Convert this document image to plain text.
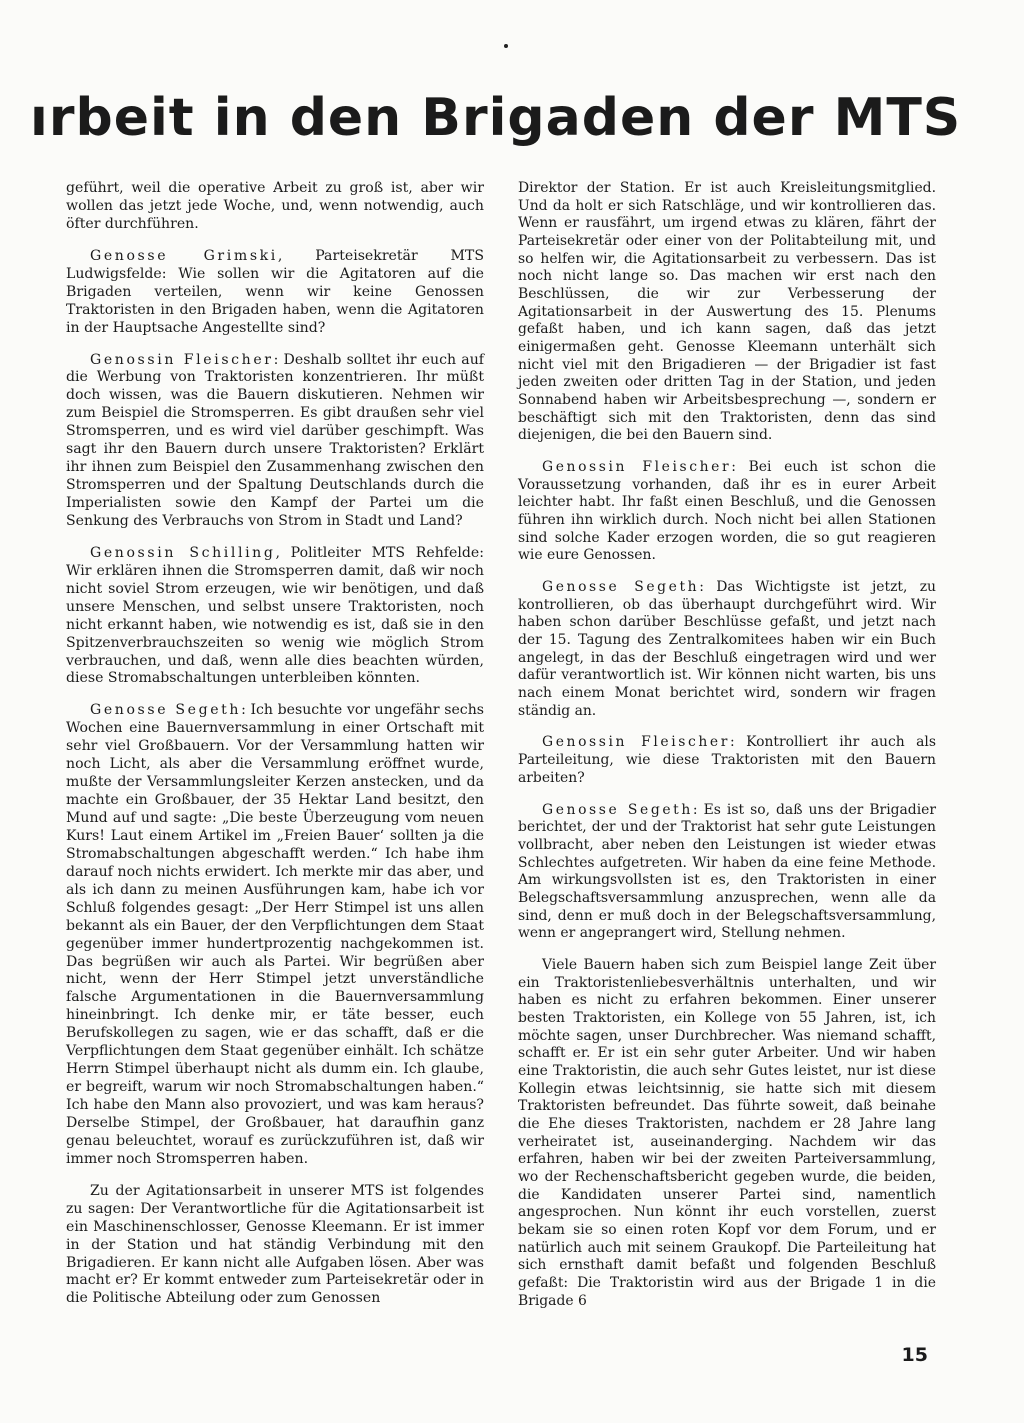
ırbeit in den Brigaden der MTS

geführt, weil die operative Arbeit zu groß ist, aber wir wollen das jetzt jede Woche, und, wenn notwendig, auch öfter durchführen.

Genosse Grimski, Parteisekretär MTS Ludwigsfelde: Wie sollen wir die Agitatoren auf die Brigaden verteilen, wenn wir keine Genossen Traktoristen in den Brigaden haben, wenn die Agitatoren in der Hauptsache Angestellte sind?

Genossin Fleischer: Deshalb solltet ihr euch auf die Werbung von Traktoristen konzentrieren. Ihr müßt doch wissen, was die Bauern diskutieren. Nehmen wir zum Beispiel die Stromsperren. Es gibt draußen sehr viel Stromsperren, und es wird viel darüber geschimpft. Was sagt ihr den Bauern durch unsere Traktoristen? Erklärt ihr ihnen zum Beispiel den Zusammenhang zwischen den Stromsperren und der Spaltung Deutschlands durch die Imperialisten sowie den Kampf der Partei um die Senkung des Verbrauchs von Strom in Stadt und Land?

Genossin Schilling, Politleiter MTS Rehfelde: Wir erklären ihnen die Stromsperren damit, daß wir noch nicht soviel Strom erzeugen, wie wir benötigen, und daß unsere Menschen, und selbst unsere Traktoristen, noch nicht erkannt haben, wie notwendig es ist, daß sie in den Spitzenverbrauchszeiten so wenig wie möglich Strom verbrauchen, und daß, wenn alle dies beachten würden, diese Stromabschaltungen unterbleiben könnten.

Genosse Segeth: Ich besuchte vor ungefähr sechs Wochen eine Bauernversammlung in einer Ortschaft mit sehr viel Großbauern. Vor der Versammlung hatten wir noch Licht, als aber die Versammlung eröffnet wurde, mußte der Versammlungsleiter Kerzen anstecken, und da machte ein Großbauer, der 35 Hektar Land besitzt, den Mund auf und sagte: „Die beste Überzeugung vom neuen Kurs! Laut einem Artikel im „Freien Bauer‘ sollten ja die Stromabschaltungen abgeschafft werden.“ Ich habe ihm darauf noch nichts erwidert. Ich merkte mir das aber, und als ich dann zu meinen Ausführungen kam, habe ich vor Schluß folgendes gesagt: „Der Herr Stimpel ist uns allen bekannt als ein Bauer, der den Verpflichtungen dem Staat gegenüber immer hundertprozentig nachgekommen ist. Das begrüßen wir auch als Partei. Wir begrüßen aber nicht, wenn der Herr Stimpel jetzt unverständliche falsche Argumentationen in die Bauernversammlung hineinbringt. Ich denke mir, er täte besser, euch Berufskollegen zu sagen, wie er das schafft, daß er die Verpflichtungen dem Staat gegenüber einhält. Ich schätze Herrn Stimpel überhaupt nicht als dumm ein. Ich glaube, er begreift, warum wir noch Stromabschaltungen haben.“ Ich habe den Mann also provoziert, und was kam heraus? Derselbe Stimpel, der Großbauer, hat daraufhin ganz genau beleuchtet, worauf es zurückzuführen ist, daß wir immer noch Stromsperren haben.

Zu der Agitationsarbeit in unserer MTS ist folgendes zu sagen: Der Verantwortliche für die Agitationsarbeit ist ein Maschinenschlosser, Genosse Kleemann. Er ist immer in der Station und hat ständig Verbindung mit den Brigadieren. Er kann nicht alle Aufgaben lösen. Aber was macht er? Er kommt entweder zum Parteisekretär oder in die Politische Abteilung oder zum Genossen

Direktor der Station. Er ist auch Kreisleitungsmitglied. Und da holt er sich Ratschläge, und wir kontrollieren das. Wenn er rausfährt, um irgend etwas zu klären, fährt der Parteisekretär oder einer von der Politabteilung mit, und so helfen wir, die Agitationsarbeit zu verbessern. Das ist noch nicht lange so. Das machen wir erst nach den Beschlüssen, die wir zur Verbesserung der Agitationsarbeit in der Auswertung des 15. Plenums gefaßt haben, und ich kann sagen, daß das jetzt einigermaßen geht. Genosse Kleemann unterhält sich nicht viel mit den Brigadieren — der Brigadier ist fast jeden zweiten oder dritten Tag in der Station, und jeden Sonnabend haben wir Arbeitsbesprechung —, sondern er beschäftigt sich mit den Traktoristen, denn das sind diejenigen, die bei den Bauern sind.

Genossin Fleischer: Bei euch ist schon die Voraussetzung vorhanden, daß ihr es in eurer Arbeit leichter habt. Ihr faßt einen Beschluß, und die Genossen führen ihn wirklich durch. Noch nicht bei allen Stationen sind solche Kader erzogen worden, die so gut reagieren wie eure Genossen.

Genosse Segeth: Das Wichtigste ist jetzt, zu kontrollieren, ob das überhaupt durchgeführt wird. Wir haben schon darüber Beschlüsse gefaßt, und jetzt nach der 15. Tagung des Zentralkomitees haben wir ein Buch angelegt, in das der Beschluß eingetragen wird und wer dafür verantwortlich ist. Wir können nicht warten, bis uns nach einem Monat berichtet wird, sondern wir fragen ständig an.

Genossin Fleischer: Kontrolliert ihr auch als Parteileitung, wie diese Traktoristen mit den Bauern arbeiten?

Genosse Segeth: Es ist so, daß uns der Brigadier berichtet, der und der Traktorist hat sehr gute Leistungen vollbracht, aber neben den Leistungen ist wieder etwas Schlechtes aufgetreten. Wir haben da eine feine Methode. Am wirkungsvollsten ist es, den Traktoristen in einer Belegschaftsversammlung anzusprechen, wenn alle da sind, denn er muß doch in der Belegschaftsversammlung, wenn er angeprangert wird, Stellung nehmen.

Viele Bauern haben sich zum Beispiel lange Zeit über ein Traktoristenliebesverhältnis unterhalten, und wir haben es nicht zu erfahren bekommen. Einer unserer besten Traktoristen, ein Kollege von 55 Jahren, ist, ich möchte sagen, unser Durchbrecher. Was niemand schafft, schafft er. Er ist ein sehr guter Arbeiter. Und wir haben eine Traktoristin, die auch sehr Gutes leistet, nur ist diese Kollegin etwas leichtsinnig, sie hatte sich mit diesem Traktoristen befreundet. Das führte soweit, daß beinahe die Ehe dieses Traktoristen, nachdem er 28 Jahre lang verheiratet ist, auseinanderging. Nachdem wir das erfahren, haben wir bei der zweiten Parteiversammlung, wo der Rechenschaftsbericht gegeben wurde, die beiden, die Kandidaten unserer Partei sind, namentlich angesprochen. Nun könnt ihr euch vorstellen, zuerst bekam sie so einen roten Kopf vor dem Forum, und er natürlich auch mit seinem Graukopf. Die Parteileitung hat sich ernsthaft damit befaßt und folgenden Beschluß gefaßt: Die Traktoristin wird aus der Brigade 1 in die Brigade 6

15
